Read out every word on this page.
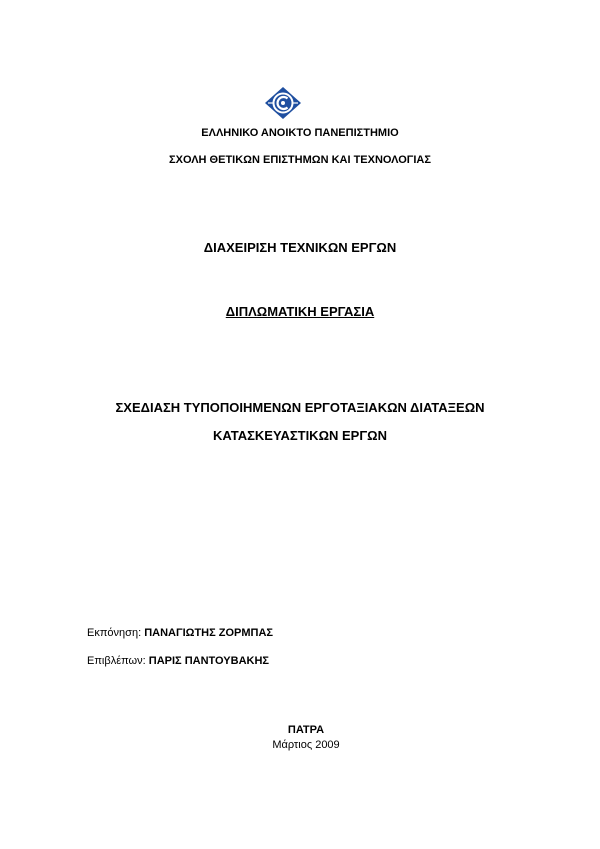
ΕΛΛΗΝΙΚΟ ΑΝΟΙΚΤΟ ΠΑΝΕΠΙΣΤΗΜΙΟ
ΣΧΟΛΗ ΘΕΤΙΚΩΝ ΕΠΙΣΤΗΜΩΝ ΚΑΙ ΤΕΧΝΟΛΟΓΙΑΣ
ΔΙΑΧΕΙΡΙΣΗ ΤΕΧΝΙΚΩΝ ΕΡΓΩΝ
ΔΙΠΛΩΜΑΤΙΚΗ ΕΡΓΑΣΙΑ
ΣΧΕΔΙΑΣΗ ΤΥΠΟΠΟΙΗΜΕΝΩΝ ΕΡΓΟΤΑΞΙΑΚΩΝ ΔΙΑΤΑΞΕΩΝ
ΚΑΤΑΣΚΕΥΑΣΤΙΚΩΝ ΕΡΓΩΝ
Εκπόνηση: ΠΑΝΑΓΙΩΤΗΣ ΖΟΡΜΠΑΣ
Επιβλέπων: ΠΑΡΙΣ ΠΑΝΤΟΥΒΑΚΗΣ
ΠΑΤΡΑ
Μάρτιος 2009
